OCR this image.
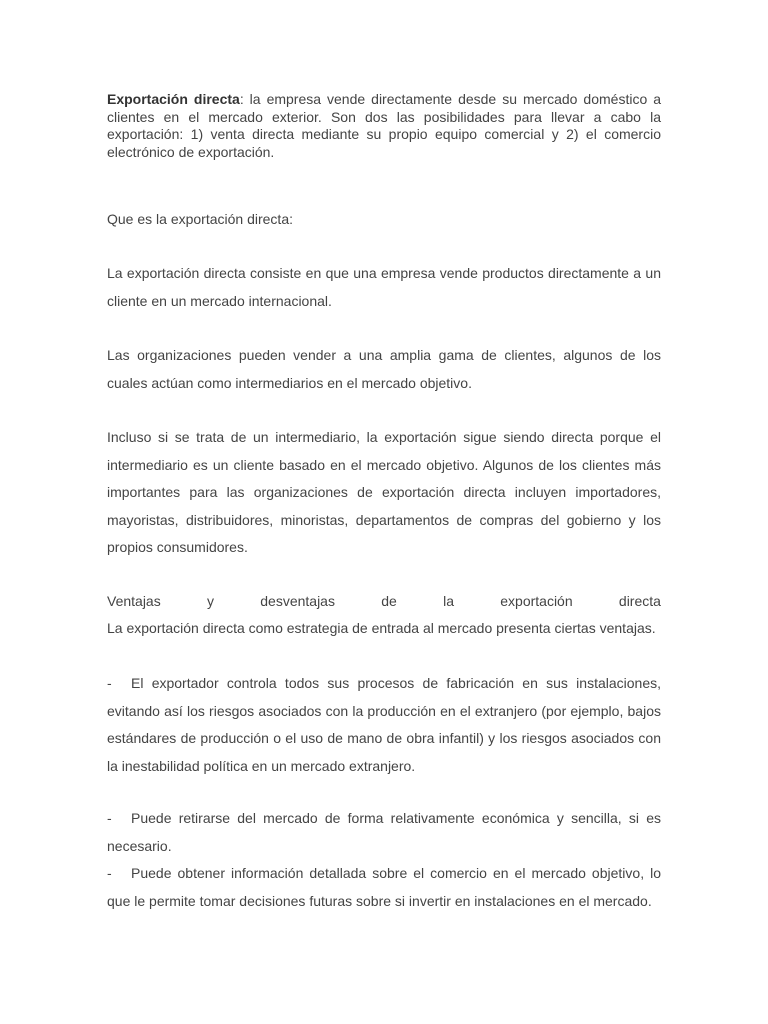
Exportación directa: la empresa vende directamente desde su mercado doméstico a clientes en el mercado exterior. Son dos las posibilidades para llevar a cabo la exportación: 1) venta directa mediante su propio equipo comercial y 2) el comercio electrónico de exportación.

Que es la exportación directa:

La exportación directa consiste en que una empresa vende productos directamente a un cliente en un mercado internacional.

Las organizaciones pueden vender a una amplia gama de clientes, algunos de los cuales actúan como intermediarios en el mercado objetivo.

Incluso si se trata de un intermediario, la exportación sigue siendo directa porque el intermediario es un cliente basado en el mercado objetivo. Algunos de los clientes más importantes para las organizaciones de exportación directa incluyen importadores, mayoristas, distribuidores, minoristas, departamentos de compras del gobierno y los propios consumidores.

Ventajas	y	desventajas	de	la	exportación	directa

La exportación directa como estrategia de entrada al mercado presenta ciertas ventajas.

- El exportador controla todos sus procesos de fabricación en sus instalaciones, evitando así los riesgos asociados con la producción en el extranjero (por ejemplo, bajos estándares de producción o el uso de mano de obra infantil) y los riesgos asociados con la inestabilidad política en un mercado extranjero.

- Puede retirarse del mercado de forma relativamente económica y sencilla, si es necesario.

- Puede obtener información detallada sobre el comercio en el mercado objetivo, lo que le permite tomar decisiones futuras sobre si invertir en instalaciones en el mercado.
